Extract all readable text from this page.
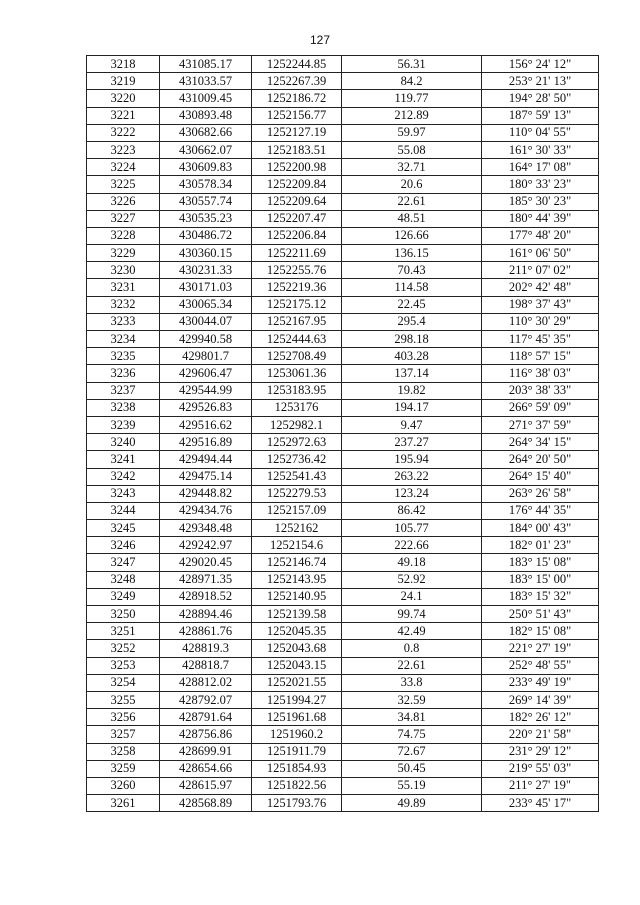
127
3218	431085.17	1252244.85	56.31	156° 24' 12"
3219	431033.57	1252267.39	84.2	253° 21' 13"
3220	431009.45	1252186.72	119.77	194° 28' 50"
3221	430893.48	1252156.77	212.89	187° 59' 13"
3222	430682.66	1252127.19	59.97	110° 04' 55"
3223	430662.07	1252183.51	55.08	161° 30' 33"
3224	430609.83	1252200.98	32.71	164° 17' 08"
3225	430578.34	1252209.84	20.6	180° 33' 23"
3226	430557.74	1252209.64	22.61	185° 30' 23"
3227	430535.23	1252207.47	48.51	180° 44' 39"
3228	430486.72	1252206.84	126.66	177° 48' 20"
3229	430360.15	1252211.69	136.15	161° 06' 50"
3230	430231.33	1252255.76	70.43	211° 07' 02"
3231	430171.03	1252219.36	114.58	202° 42' 48"
3232	430065.34	1252175.12	22.45	198° 37' 43"
3233	430044.07	1252167.95	295.4	110° 30' 29"
3234	429940.58	1252444.63	298.18	117° 45' 35"
3235	429801.7	1252708.49	403.28	118° 57' 15"
3236	429606.47	1253061.36	137.14	116° 38' 03"
3237	429544.99	1253183.95	19.82	203° 38' 33"
3238	429526.83	1253176	194.17	266° 59' 09"
3239	429516.62	1252982.1	9.47	271° 37' 59"
3240	429516.89	1252972.63	237.27	264° 34' 15"
3241	429494.44	1252736.42	195.94	264° 20' 50"
3242	429475.14	1252541.43	263.22	264° 15' 40"
3243	429448.82	1252279.53	123.24	263° 26' 58"
3244	429434.76	1252157.09	86.42	176° 44' 35"
3245	429348.48	1252162	105.77	184° 00' 43"
3246	429242.97	1252154.6	222.66	182° 01' 23"
3247	429020.45	1252146.74	49.18	183° 15' 08"
3248	428971.35	1252143.95	52.92	183° 15' 00"
3249	428918.52	1252140.95	24.1	183° 15' 32"
3250	428894.46	1252139.58	99.74	250° 51' 43"
3251	428861.76	1252045.35	42.49	182° 15' 08"
3252	428819.3	1252043.68	0.8	221° 27' 19"
3253	428818.7	1252043.15	22.61	252° 48' 55"
3254	428812.02	1252021.55	33.8	233° 49' 19"
3255	428792.07	1251994.27	32.59	269° 14' 39"
3256	428791.64	1251961.68	34.81	182° 26' 12"
3257	428756.86	1251960.2	74.75	220° 21' 58"
3258	428699.91	1251911.79	72.67	231° 29' 12"
3259	428654.66	1251854.93	50.45	219° 55' 03"
3260	428615.97	1251822.56	55.19	211° 27' 19"
3261	428568.89	1251793.76	49.89	233° 45' 17"
